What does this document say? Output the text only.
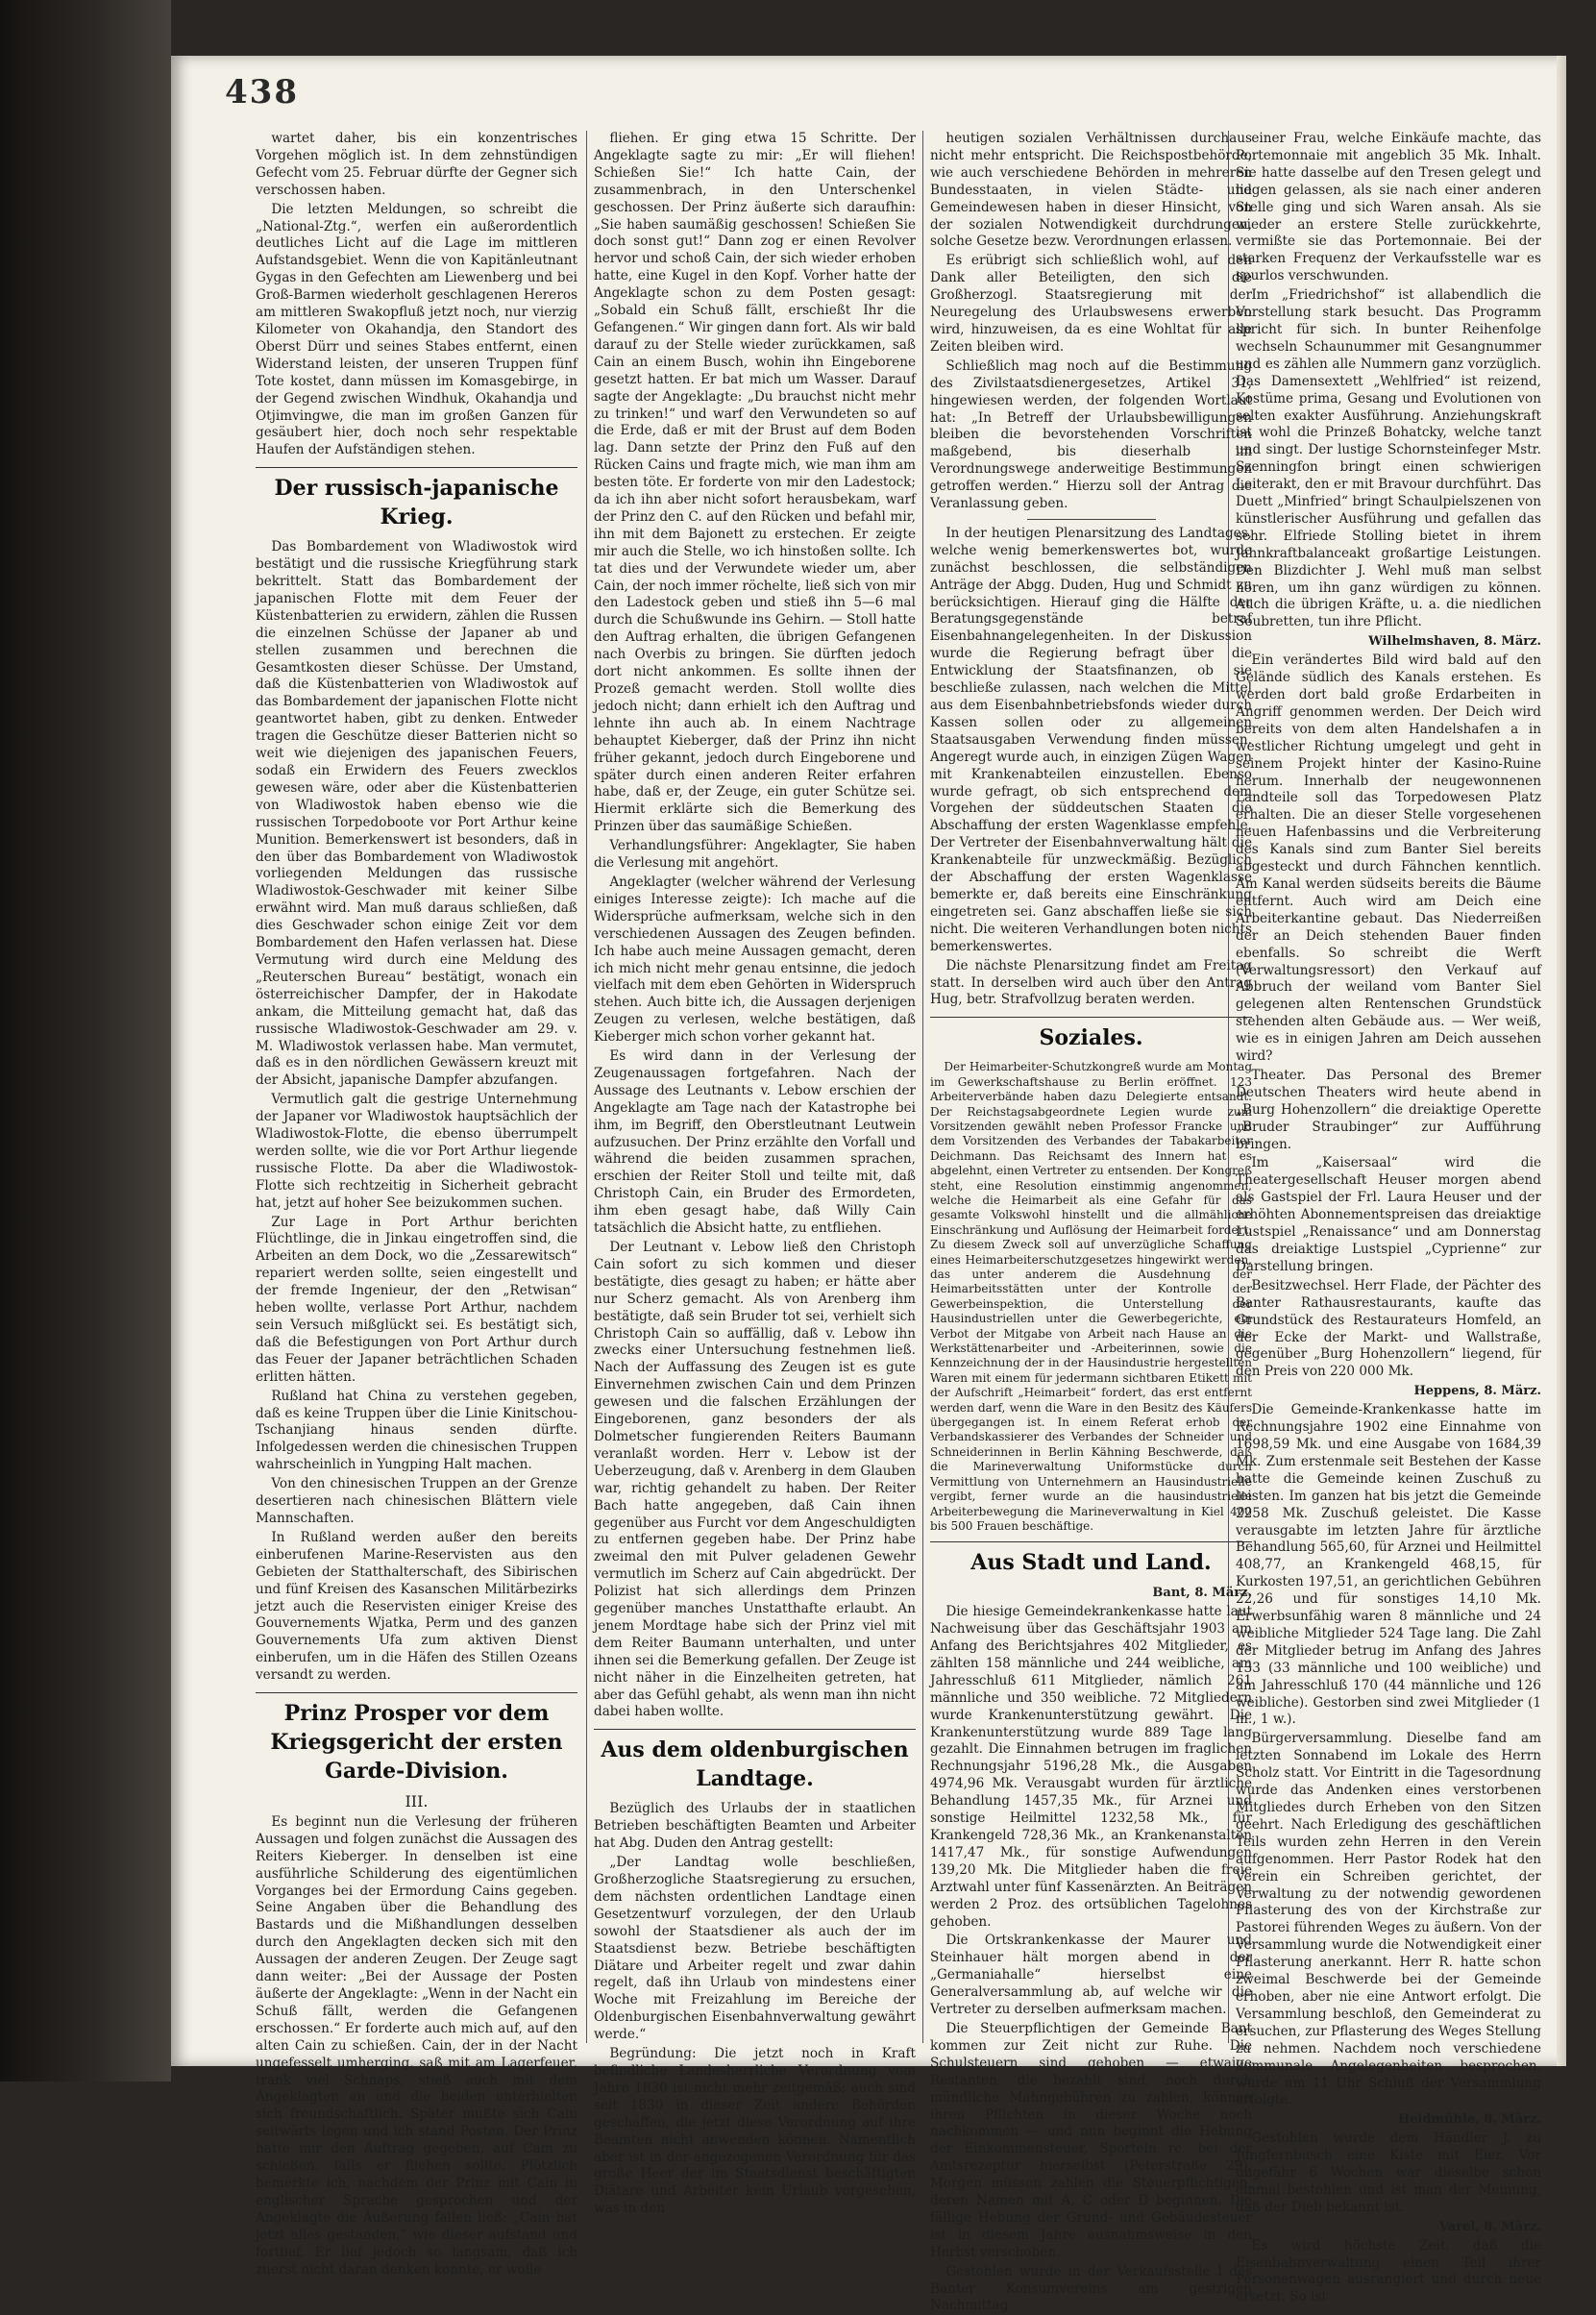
438

wartet daher, bis ein konzentrisches Vorgehen möglich ist. In dem zehnstündigen Gefecht vom 25. Februar dürfte der Gegner sich verschossen haben.

Die letzten Meldungen, so schreibt die „National-Ztg.“, werfen ein außerordentlich deutliches Licht auf die Lage im mittleren Aufstandsgebiet. Wenn die von Kapitänleutnant Gygas in den Gefechten am Liewenberg und bei Groß-Barmen wiederholt geschlagenen Hereros am mittleren Swakopfluß jetzt noch, nur vierzig Kilometer von Okahandja, den Standort des Oberst Dürr und seines Stabes entfernt, einen Widerstand leisten, der unseren Truppen fünf Tote kostet, dann müssen im Komasgebirge, in der Gegend zwischen Windhuk, Okahandja und Otjimvingwe, die man im großen Ganzen für gesäubert hier, doch noch sehr respektable Haufen der Aufständigen stehen.

Der russisch-japanische Krieg.

Das Bombardement von Wladiwostok wird bestätigt und die russische Kriegführung stark bekrittelt. Statt das Bombardement der japanischen Flotte mit dem Feuer der Küstenbatterien zu erwidern, zählen die Russen die einzelnen Schüsse der Japaner ab und stellen zusammen und berechnen die Gesamtkosten dieser Schüsse. Der Umstand, daß die Küstenbatterien von Wladiwostok auf das Bombardement der japanischen Flotte nicht geantwortet haben, gibt zu denken. Entweder tragen die Geschütze dieser Batterien nicht so weit wie diejenigen des japanischen Feuers, sodaß ein Erwidern des Feuers zwecklos gewesen wäre, oder aber die Küstenbatterien von Wladiwostok haben ebenso wie die russischen Torpedoboote vor Port Arthur keine Munition. Bemerkenswert ist besonders, daß in den über das Bombardement von Wladiwostok vorliegenden Meldungen das russische Wladiwostok-Geschwader mit keiner Silbe erwähnt wird. Man muß daraus schließen, daß dies Geschwader schon einige Zeit vor dem Bombardement den Hafen verlassen hat. Diese Vermutung wird durch eine Meldung des „Reuterschen Bureau“ bestätigt, wonach ein österreichischer Dampfer, der in Hakodate ankam, die Mitteilung gemacht hat, daß das russische Wladiwostok-Geschwader am 29. v. M. Wladiwostok verlassen habe. Man vermutet, daß es in den nördlichen Gewässern kreuzt mit der Absicht, japanische Dampfer abzufangen.

Vermutlich galt die gestrige Unternehmung der Japaner vor Wladiwostok hauptsächlich der Wladiwostok-Flotte, die ebenso überrumpelt werden sollte, wie die vor Port Arthur liegende russische Flotte. Da aber die Wladiwostok-Flotte sich rechtzeitig in Sicherheit gebracht hat, jetzt auf hoher See beizukommen suchen.

Zur Lage in Port Arthur berichten Flüchtlinge, die in Jinkau eingetroffen sind, die Arbeiten an dem Dock, wo die „Zessarewitsch“ repariert werden sollte, seien eingestellt und der fremde Ingenieur, der den „Retwisan“ heben wollte, verlasse Port Arthur, nachdem sein Versuch mißglückt sei. Es bestätigt sich, daß die Befestigungen von Port Arthur durch das Feuer der Japaner beträchtlichen Schaden erlitten hätten.

Rußland hat China zu verstehen gegeben, daß es keine Truppen über die Linie Kinitschou-Tschanjiang hinaus senden dürfte. Infolgedessen werden die chinesischen Truppen wahrscheinlich in Yungping Halt machen.

Von den chinesischen Truppen an der Grenze desertieren nach chinesischen Blättern viele Mannschaften.

In Rußland werden außer den bereits einberufenen Marine-Reservisten aus den Gebieten der Statthalterschaft, des Sibirischen und fünf Kreisen des Kasanschen Militärbezirks jetzt auch die Reservisten einiger Kreise des Gouvernements Wjatka, Perm und des ganzen Gouvernements Ufa zum aktiven Dienst einberufen, um in die Häfen des Stillen Ozeans versandt zu werden.

Prinz Prosper vor dem Kriegsgericht der ersten Garde-Division.
III.

Es beginnt nun die Verlesung der früheren Aussagen und folgen zunächst die Aussagen des Reiters Kieberger. In denselben ist eine ausführliche Schilderung des eigentümlichen Vorganges bei der Ermordung Cains gegeben. Seine Angaben über die Behandlung des Bastards und die Mißhandlungen desselben durch den Angeklagten decken sich mit den Aussagen der anderen Zeugen. Der Zeuge sagt dann weiter: „Bei der Aussage der Posten äußerte der Angeklagte: „Wenn in der Nacht ein Schuß fällt, werden die Gefangenen erschossen.“ Er forderte auch mich auf, auf den alten Cain zu schießen. Cain, der in der Nacht ungefesselt umherging, saß mit am Lagerfeuer, trank viel Schnaps, stieß auch mit dem Angeklagten an und die beiden unterhielten sich freundschaftlich. Später mußte sich Cain seitwärts legen und ich stand Posten. Der Prinz hatte mir den Auftrag gegeben, auf Cain zu schießen, falls er fliehen sollte. Plötzlich bemerkte ich, nachdem der Prinz mit Cain in englischer Sprache gesprochen und der Angeklagte die Äußerung fallen ließ: „Cain hat jetzt alles gestanden,“ wie dieser aufstand und fortlief. Er lief jedoch so langsam, daß ich zuerst nicht daran denken konnte, er wolle

fliehen. Er ging etwa 15 Schritte. Der Angeklagte sagte zu mir: „Er will fliehen! Schießen Sie!“ Ich hatte Cain, der zusammenbrach, in den Unterschenkel geschossen. Der Prinz äußerte sich daraufhin: „Sie haben saumäßig geschossen! Schießen Sie doch sonst gut!“ Dann zog er einen Revolver hervor und schoß Cain, der sich wieder erhoben hatte, eine Kugel in den Kopf. Vorher hatte der Angeklagte schon zu dem Posten gesagt: „Sobald ein Schuß fällt, erschießt Ihr die Gefangenen.“ Wir gingen dann fort. Als wir bald darauf zu der Stelle wieder zurückkamen, saß Cain an einem Busch, wohin ihn Eingeborene gesetzt hatten. Er bat mich um Wasser. Darauf sagte der Angeklagte: „Du brauchst nicht mehr zu trinken!“ und warf den Verwundeten so auf die Erde, daß er mit der Brust auf dem Boden lag. Dann setzte der Prinz den Fuß auf den Rücken Cains und fragte mich, wie man ihm am besten töte. Er forderte von mir den Ladestock; da ich ihn aber nicht sofort herausbekam, warf der Prinz den C. auf den Rücken und befahl mir, ihn mit dem Bajonett zu erstechen. Er zeigte mir auch die Stelle, wo ich hinstoßen sollte. Ich tat dies und der Verwundete wieder um, aber Cain, der noch immer röchelte, ließ sich von mir den Ladestock geben und stieß ihn 5—6 mal durch die Schußwunde ins Gehirn. — Stoll hatte den Auftrag erhalten, die übrigen Gefangenen nach Overbis zu bringen. Sie dürften jedoch dort nicht ankommen. Es sollte ihnen der Prozeß gemacht werden. Stoll wollte dies jedoch nicht; dann erhielt ich den Auftrag und lehnte ihn auch ab. In einem Nachtrage behauptet Kieberger, daß der Prinz ihn nicht früher gekannt, jedoch durch Eingeborene und später durch einen anderen Reiter erfahren habe, daß er, der Zeuge, ein guter Schütze sei. Hiermit erklärte sich die Bemerkung des Prinzen über das saumäßige Schießen.

Verhandlungsführer: Angeklagter, Sie haben die Verlesung mit angehört.

Angeklagter (welcher während der Verlesung einiges Interesse zeigte): Ich mache auf die Widersprüche aufmerksam, welche sich in den verschiedenen Aussagen des Zeugen befinden. Ich habe auch meine Aussagen gemacht, deren ich mich nicht mehr genau entsinne, die jedoch vielfach mit dem eben Gehörten in Widerspruch stehen. Auch bitte ich, die Aussagen derjenigen Zeugen zu verlesen, welche bestätigen, daß Kieberger mich schon vorher gekannt hat.

Es wird dann in der Verlesung der Zeugenaussagen fortgefahren. Nach der Aussage des Leutnants v. Lebow erschien der Angeklagte am Tage nach der Katastrophe bei ihm, im Begriff, den Oberstleutnant Leutwein aufzusuchen. Der Prinz erzählte den Vorfall und während die beiden zusammen sprachen, erschien der Reiter Stoll und teilte mit, daß Christoph Cain, ein Bruder des Ermordeten, ihm eben gesagt habe, daß Willy Cain tatsächlich die Absicht hatte, zu entfliehen.

Der Leutnant v. Lebow ließ den Christoph Cain sofort zu sich kommen und dieser bestätigte, dies gesagt zu haben; er hätte aber nur Scherz gemacht. Als von Arenberg ihm bestätigte, daß sein Bruder tot sei, verhielt sich Christoph Cain so auffällig, daß v. Lebow ihn zwecks einer Untersuchung festnehmen ließ. Nach der Auffassung des Zeugen ist es gute Einvernehmen zwischen Cain und dem Prinzen gewesen und die falschen Erzählungen der Eingeborenen, ganz besonders der als Dolmetscher fungierenden Reiters Baumann veranlaßt worden. Herr v. Lebow ist der Ueberzeugung, daß v. Arenberg in dem Glauben war, richtig gehandelt zu haben. Der Reiter Bach hatte angegeben, daß Cain ihnen gegenüber aus Furcht vor dem Angeschuldigten zu entfernen gegeben habe. Der Prinz habe zweimal den mit Pulver geladenen Gewehr vermutlich im Scherz auf Cain abgedrückt. Der Polizist hat sich allerdings dem Prinzen gegenüber manches Unstatthafte erlaubt. An jenem Mordtage habe sich der Prinz viel mit dem Reiter Baumann unterhalten, und unter ihnen sei die Bemerkung gefallen. Der Zeuge ist nicht näher in die Einzelheiten getreten, hat aber das Gefühl gehabt, als wenn man ihn nicht dabei haben wollte.

Aus dem oldenburgischen Landtage.

Bezüglich des Urlaubs der in staatlichen Betrieben beschäftigten Beamten und Arbeiter hat Abg. Duden den Antrag gestellt:

„Der Landtag wolle beschließen, Großherzogliche Staatsregierung zu ersuchen, dem nächsten ordentlichen Landtage einen Gesetzentwurf vorzulegen, der den Urlaub sowohl der Staatsdiener als auch der im Staatsdienst bezw. Betriebe beschäftigten Diätare und Arbeiter regelt und zwar dahin regelt, daß ihn Urlaub von mindestens einer Woche mit Freizahlung im Bereiche der Oldenburgischen Eisenbahnverwaltung gewährt werde.“

Begründung: Die jetzt noch in Kraft befindliche Landesherrliche Verordnung vom Jahre 1830 ist nicht mehr zeitgemäß; auch sind seit 1830 in dieser Zeit andere Behörden geschaffen, die jetzt diese Verordnung auf ihre Beamten nicht anwenden können. Namentlich aber ist in der angezogenen Verordnung für das große Heer der im Staatsdienst beschäftigten Diätare und Arbeiter kein Urlaub vorgesehen, was in den

heutigen sozialen Verhältnissen durchaus nicht mehr entspricht. Die Reichspostbehörde, wie auch verschiedene Behörden in mehreren Bundesstaaten, in vielen Städte- und Gemeindewesen haben in dieser Hinsicht, von der sozialen Notwendigkeit durchdrungen, solche Gesetze bezw. Verordnungen erlassen.

Es erübrigt sich schließlich wohl, auf den Dank aller Beteiligten, den sich die Großherzogl. Staatsregierung mit der Neuregelung des Urlaubswesens erwerben wird, hinzuweisen, da es eine Wohltat für alle Zeiten bleiben wird.

Schließlich mag noch auf die Bestimmung des Zivilstaatsdienergesetzes, Artikel 31, hingewiesen werden, der folgenden Wortlaut hat: „In Betreff der Urlaubsbewilligungen bleiben die bevorstehenden Vorschriften maßgebend, bis dieserhalb im Verordnungswege anderweitige Bestimmungen getroffen werden.“ Hierzu soll der Antrag die Veranlassung geben.

In der heutigen Plenarsitzung des Landtages, welche wenig bemerkenswertes bot, wurde zunächst beschlossen, die selbständigen Anträge der Abgg. Duden, Hug und Schmidt zu berücksichtigen. Hierauf ging die Hälfte der Beratungsgegenstände betraf Eisenbahnangelegenheiten. In der Diskussion wurde die Regierung befragt über die Entwicklung der Staatsfinanzen, ob sie beschließe zulassen, nach welchen die Mittel aus dem Eisenbahnbetriebsfonds wieder durch Kassen sollen oder zu allgemeinen Staatsausgaben Verwendung finden müssen. Angeregt wurde auch, in einzigen Zügen Wagen mit Krankenabteilen einzustellen. Ebenso wurde gefragt, ob sich entsprechend dem Vorgehen der süddeutschen Staaten die Abschaffung der ersten Wagenklasse empfehle. Der Vertreter der Eisenbahnverwaltung hält die Krankenabteile für unzweckmäßig. Bezüglich der Abschaffung der ersten Wagenklasse bemerkte er, daß bereits eine Einschränkung eingetreten sei. Ganz abschaffen ließe sie sich nicht. Die weiteren Verhandlungen boten nichts bemerkenswertes.

Die nächste Plenarsitzung findet am Freitag statt. In derselben wird auch über den Antrag Hug, betr. Strafvollzug beraten werden.

Soziales.

Der Heimarbeiter-Schutzkongreß wurde am Montag im Gewerkschaftshause zu Berlin eröffnet. 123 Arbeiterverbände haben dazu Delegierte entsandt. Der Reichstagsabgeordnete Legien wurde zum Vorsitzenden gewählt neben Professor Francke und dem Vorsitzenden des Verbandes der Tabakarbeiter Deichmann. Das Reichsamt des Innern hat es abgelehnt, einen Vertreter zu entsenden. Der Kongreß steht, eine Resolution einstimmig angenommen, welche die Heimarbeit als eine Gefahr für das gesamte Volkswohl hinstellt und die allmähliche Einschränkung und Auflösung der Heimarbeit fordert. Zu diesem Zweck soll auf unverzügliche Schaffung eines Heimarbeiterschutzgesetzes hingewirkt werden, das unter anderem die Ausdehnung der Heimarbeitsstätten unter der Kontrolle der Gewerbeinspektion, die Unterstellung der Hausindustriellen unter die Gewerbegerichte, ein Verbot der Mitgabe von Arbeit nach Hause an die Werkstättenarbeiter und -Arbeiterinnen, sowie die Kennzeichnung der in der Hausindustrie hergestellten Waren mit einem für jedermann sichtbaren Etikett mit der Aufschrift „Heimarbeit“ fordert, das erst entfernt werden darf, wenn die Ware in den Besitz des Käufers übergegangen ist. In einem Referat erhob der Verbandskassierer des Verbandes der Schneider und Schneiderinnen in Berlin Kähning Beschwerde, daß die Marineverwaltung Uniformstücke durch Vermittlung von Unternehmern an Hausindustrielle vergibt, ferner wurde an die hausindustrielle Arbeiterbewegung die Marineverwaltung in Kiel 400 bis 500 Frauen beschäftige.

Aus Stadt und Land.
Bant, 8. März.

Die hiesige Gemeindekrankenkasse hatte laut Nachweisung über das Geschäftsjahr 1903 am Anfang des Berichtsjahres 402 Mitglieder, es zählten 158 männliche und 244 weibliche, am Jahresschluß 611 Mitglieder, nämlich 261 männliche und 350 weibliche. 72 Mitgliedern wurde Krankenunterstützung gewährt. Die Krankenunterstützung wurde 889 Tage lang gezahlt. Die Einnahmen betrugen im fraglichen Rechnungsjahr 5196,28 Mk., die Ausgaben 4974,96 Mk. Verausgabt wurden für ärztliche Behandlung 1457,35 Mk., für Arznei und sonstige Heilmittel 1232,58 Mk., für Krankengeld 728,36 Mk., an Krankenanstalten 1417,47 Mk., für sonstige Aufwendungen 139,20 Mk. Die Mitglieder haben die freie Arztwahl unter fünf Kassenärzten. An Beiträgen werden 2 Proz. des ortsüblichen Tagelohnes gehoben.

Die Ortskrankenkasse der Maurer und Steinhauer hält morgen abend in der „Germaniahalle“ hierselbst eine Generalversammlung ab, auf welche wir die Vertreter zu derselben aufmerksam machen.

Die Steuerpflichtigen der Gemeinde Bant kommen zur Zeit nicht zur Ruhe. Die Schulsteuern sind gehoben — etwaige Restanten, die bezahlt sind, noch durch mündliche Mahngebühren zu zahlen, können ihren Pflichten in dieser Woche noch nachkommen — und nun beginnt die Hebung der Einkommensteuer, Sporteln rc. bei der Amtsrezeptur hierselbst (Peterstraße 29). Morgen müssen zahlen die Steuerpflichtigen, deren Namen mit A, C oder D beginnen. Die fällige Hebung der Grund- und Gebäudesteuer ist in diesem Jahre ausnahmsweise in den Herbst verschoben.

Gestohlen wurde in der Verkaufsstelle I des Banter Konsumvereins am gestrigen Nachmittag

einer Frau, welche Einkäufe machte, das Portemonnaie mit angeblich 35 Mk. Inhalt. Sie hatte dasselbe auf den Tresen gelegt und liegen gelassen, als sie nach einer anderen Stelle ging und sich Waren ansah. Als sie wieder an erstere Stelle zurückkehrte, vermißte sie das Portemonnaie. Bei der starken Frequenz der Verkaufsstelle war es spurlos verschwunden.

Im „Friedrichshof“ ist allabendlich die Vorstellung stark besucht. Das Programm spricht für sich. In bunter Reihenfolge wechseln Schaunummer mit Gesangnummer und es zählen alle Nummern ganz vorzüglich. Das Damensextett „Wehlfried“ ist reizend, Kostüme prima, Gesang und Evolutionen von selten exakter Ausführung. Anziehungskraft ist wohl die Prinzeß Bohatcky, welche tanzt und singt. Der lustige Schornsteinfeger Mstr. Szenningfon bringt einen schwierigen Leiterakt, den er mit Bravour durchführt. Das Duett „Minfried“ bringt Schaulpielszenen von künstlerischer Ausführung und gefallen das sehr. Elfriede Stolling bietet in ihrem Jahnkraftbalanceakt großartige Leistungen. Den Blizdichter J. Wehl muß man selbst hören, um ihn ganz würdigen zu können. Auch die übrigen Kräfte, u. a. die niedlichen Soubretten, tun ihre Pflicht.

Wilhelmshaven, 8. März.

Ein verändertes Bild wird bald auf den Gelände südlich des Kanals erstehen. Es werden dort bald große Erdarbeiten in Angriff genommen werden. Der Deich wird bereits von dem alten Handelshafen a in westlicher Richtung umgelegt und geht in seinem Projekt hinter der Kasino-Ruine herum. Innerhalb der neugewonnenen Landteile soll das Torpedowesen Platz erhalten. Die an dieser Stelle vorgesehenen neuen Hafenbassins und die Verbreiterung des Kanals sind zum Banter Siel bereits abgesteckt und durch Fähnchen kenntlich. Am Kanal werden südseits bereits die Bäume entfernt. Auch wird am Deich eine Arbeiterkantine gebaut. Das Niederreißen der an Deich stehenden Bauer finden ebenfalls. So schreibt die Werft (Verwaltungsressort) den Verkauf auf Abbruch der weiland vom Banter Siel gelegenen alten Rentenschen Grundstück stehenden alten Gebäude aus. — Wer weiß, wie es in einigen Jahren am Deich aussehen wird?

Theater. Das Personal des Bremer Deutschen Theaters wird heute abend in „Burg Hohenzollern“ die dreiaktige Operette „Bruder Straubinger“ zur Aufführung bringen.

Im „Kaisersaal“ wird die Theatergesellschaft Heuser morgen abend als Gastspiel der Frl. Laura Heuser und der erhöhten Abonnementspreisen das dreiaktige Lustspiel „Renaissance“ und am Donnerstag das dreiaktige Lustspiel „Cyprienne“ zur Darstellung bringen.

Besitzwechsel. Herr Flade, der Pächter des Banter Rathausrestaurants, kaufte das Grundstück des Restaurateurs Homfeld, an der Ecke der Markt- und Wallstraße, gegenüber „Burg Hohenzollern“ liegend, für den Preis von 220 000 Mk.

Heppens, 8. März.

Die Gemeinde-Krankenkasse hatte im Rechnungsjahre 1902 eine Einnahme von 1698,59 Mk. und eine Ausgabe von 1684,39 Mk. Zum erstenmale seit Bestehen der Kasse hatte die Gemeinde keinen Zuschuß zu leisten. Im ganzen hat bis jetzt die Gemeinde 2258 Mk. Zuschuß geleistet. Die Kasse verausgabte im letzten Jahre für ärztliche Behandlung 565,60, für Arznei und Heilmittel 408,77, an Krankengeld 468,15, für Kurkosten 197,51, an gerichtlichen Gebühren 22,26 und für sonstiges 14,10 Mk. Erwerbsunfähig waren 8 männliche und 24 weibliche Mitglieder 524 Tage lang. Die Zahl der Mitglieder betrug im Anfang des Jahres 133 (33 männliche und 100 weibliche) und am Jahresschluß 170 (44 männliche und 126 weibliche). Gestorben sind zwei Mitglieder (1 m., 1 w.).

Bürgerversammlung. Dieselbe fand am letzten Sonnabend im Lokale des Herrn Scholz statt. Vor Eintritt in die Tagesordnung wurde das Andenken eines verstorbenen Mitgliedes durch Erheben von den Sitzen geehrt. Nach Erledigung des geschäftlichen Teils wurden zehn Herren in den Verein aufgenommen. Herr Pastor Rodek hat den Verein ein Schreiben gerichtet, der Verwaltung zu der notwendig gewordenen Pflasterung des von der Kirchstraße zur Pastorei führenden Weges zu äußern. Von der Versammlung wurde die Notwendigkeit einer Pflasterung anerkannt. Herr R. hatte schon zweimal Beschwerde bei der Gemeinde erhoben, aber nie eine Antwort erfolgt. Die Versammlung beschloß, den Gemeinderat zu ersuchen, zur Pflasterung des Weges Stellung zu nehmen. Nachdem noch verschiedene kommunale Angelegenheiten besprochen, wurde um 11 Uhr Schluß der Versammlung erfolgte.

Heidmühle, 8. März.

Gestohlen wurde dem Händler J. zu Jungfernbusch eine Kiste mit Eier. Vor ungefähr 6 Wochen war dieselbe schon einmal bestohlen und ist man der Meinung, daß der Dieb bekannt ist.

Varel, 8. März.

Es wird höchste Zeit, daß die Eisenbahnverwaltung einen Teil ihrer Personenwagen ausrangiert und durch neue ersetzt. So ist
